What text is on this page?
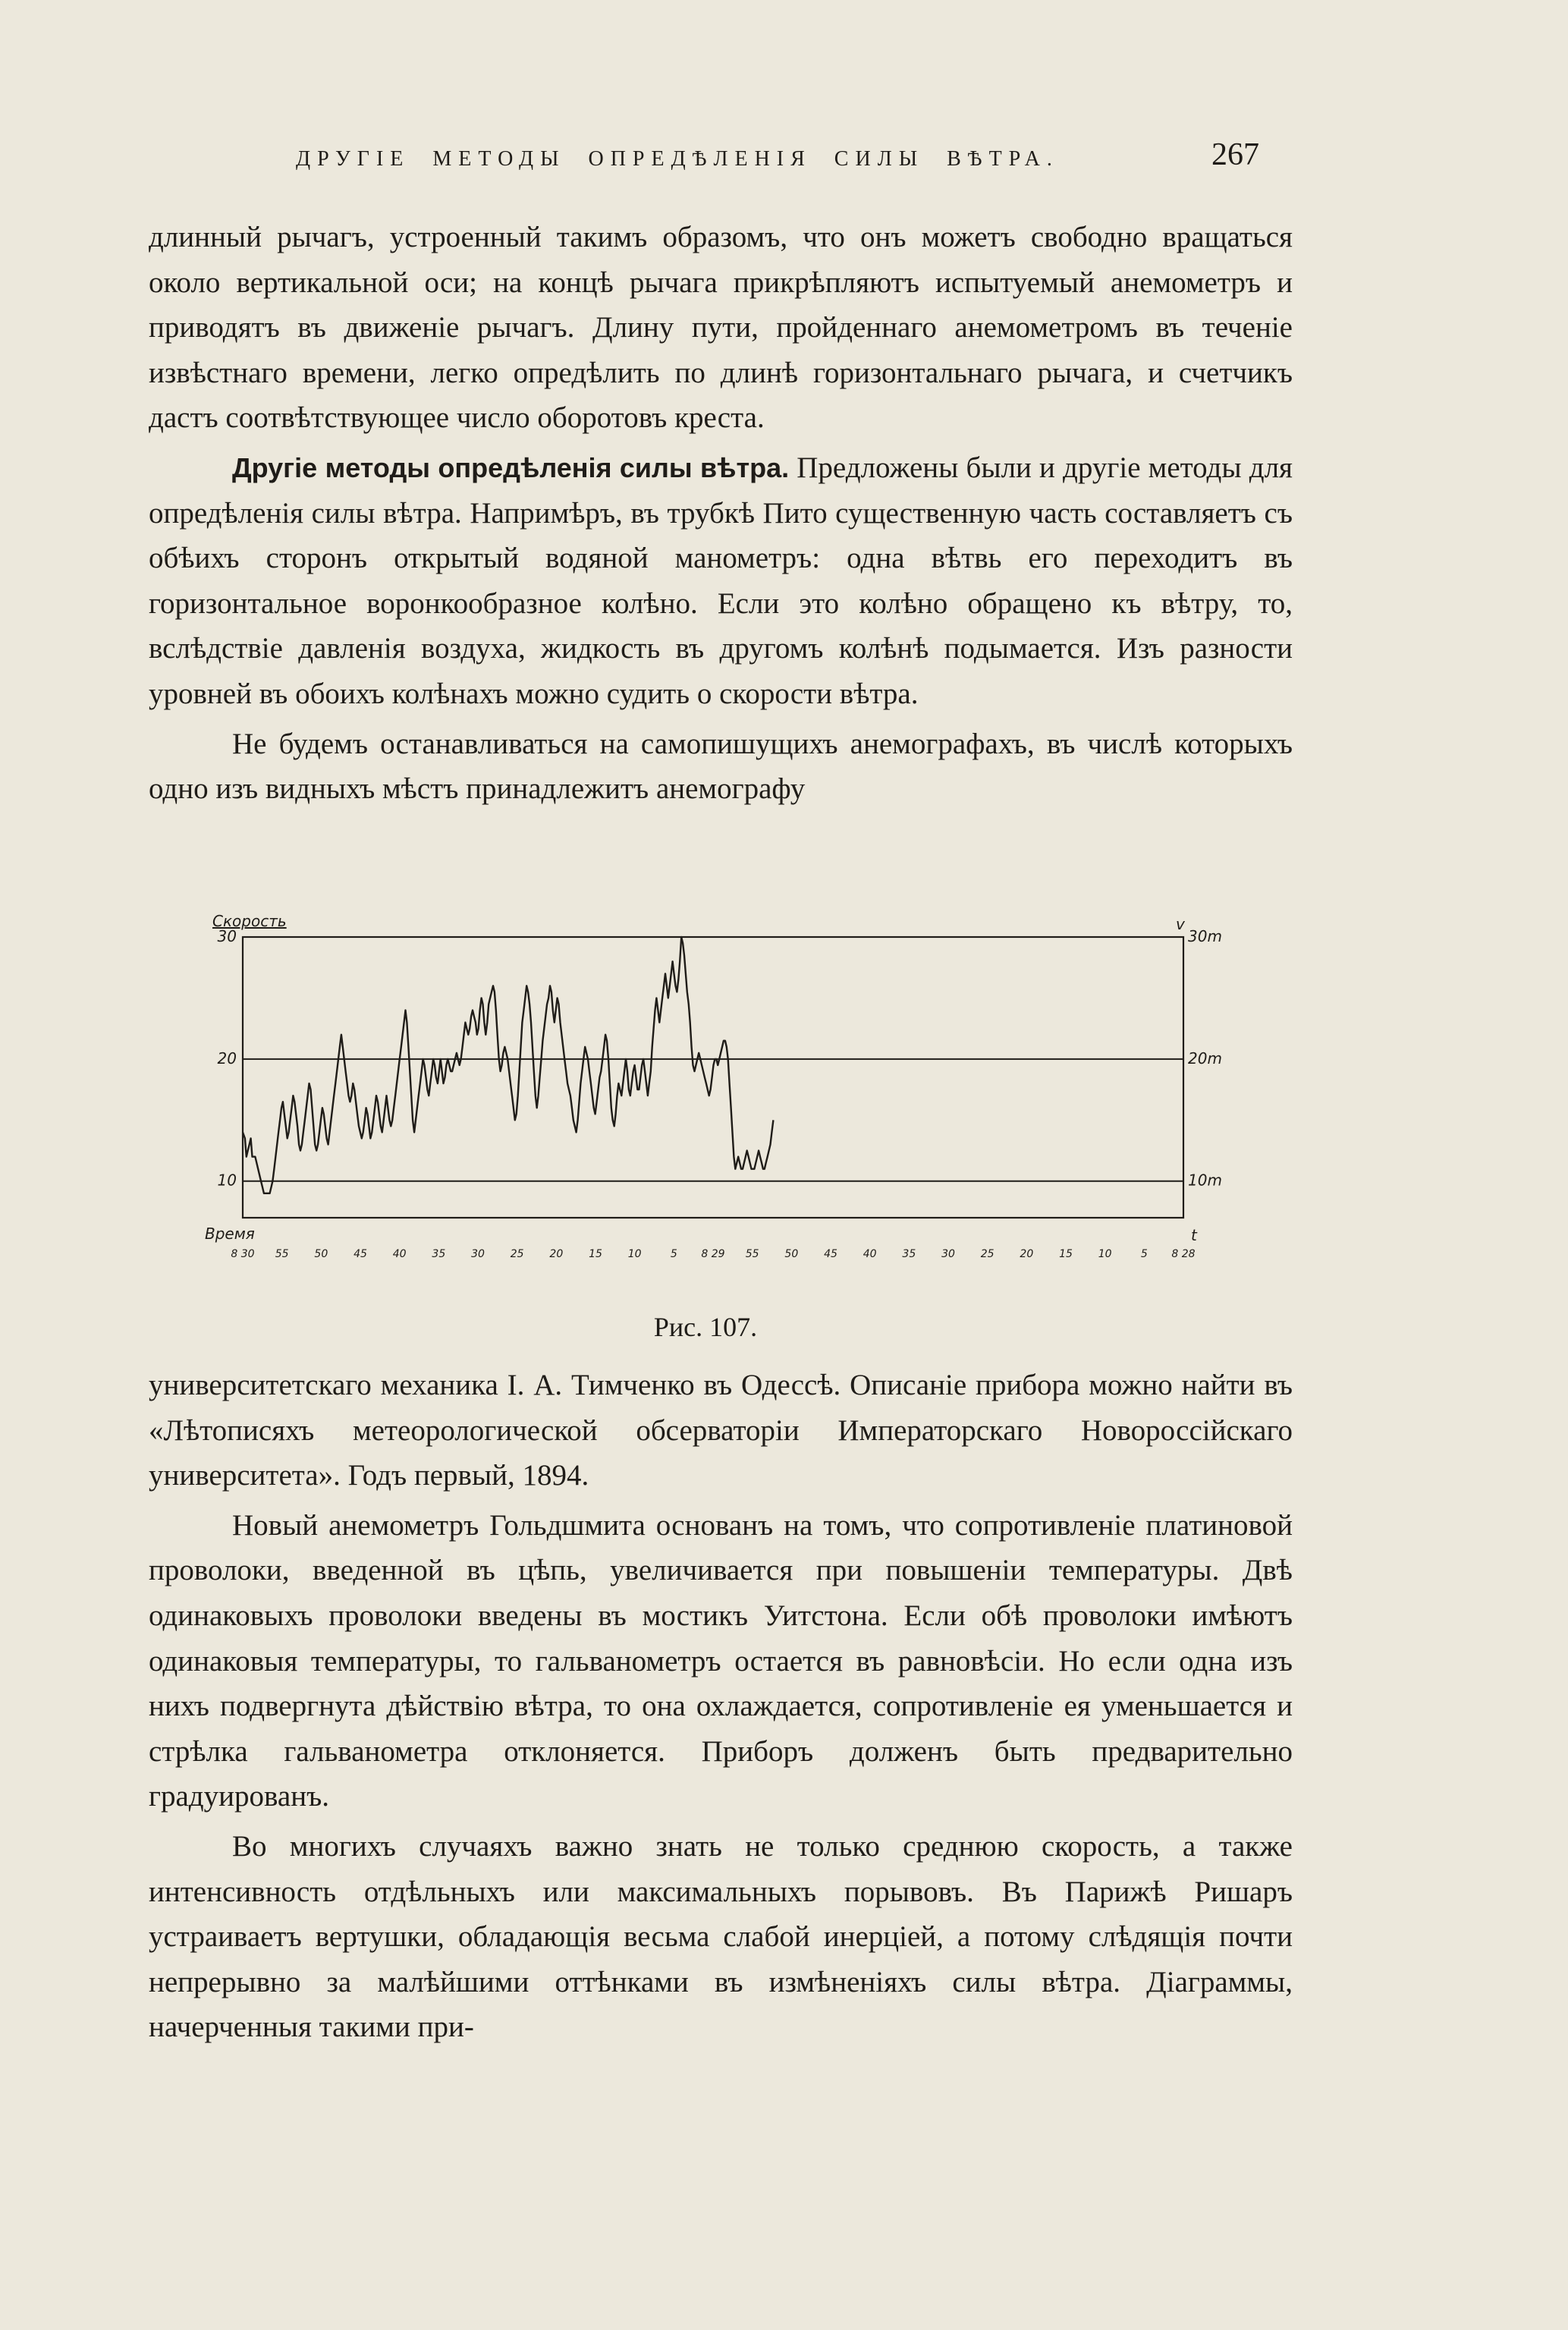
ДРУГІЕ МЕТОДЫ ОПРЕДѢЛЕНІЯ СИЛЫ ВѢТРА.	267

длинный рычагъ, устроенный такимъ образомъ, что онъ можетъ свободно вращаться около вертикальной оси; на концѣ рычага прикрѣпляютъ испытуемый анемометръ и приводятъ въ движеніе рычагъ. Длину пути, пройденнаго анемометромъ въ теченіе извѣстнаго времени, легко опредѣлить по длинѣ горизонтальнаго рычага, и счетчикъ дастъ соотвѣтствующее число оборотовъ креста.

Другіе методы опредѣленія силы вѣтра. Предложены были и другіе методы для опредѣленія силы вѣтра. Напримѣръ, въ трубкѣ Пито существенную часть составляетъ съ обѣихъ сторонъ открытый водяной манометръ: одна вѣтвь его переходитъ въ горизонтальное воронкообразное колѣно. Если это колѣно обращено къ вѣтру, то, вслѣдствіе давленія воздуха, жидкость въ другомъ колѣнѣ подымается. Изъ разности уровней въ обоихъ колѣнахъ можно судить о скорости вѣтра.

Не будемъ останавливаться на самопишущихъ анемографахъ, въ числѣ которыхъ одно изъ видныхъ мѣстъ принадлежитъ анемографу

30
20
10
30m
20m
10m
Скорость	v
Время	t
8 30 55 50 45 40 35 30 25 20 15 10	5 8 29 55 50 45 40 35 30 25 20 15 10	5 8 28
Рис. 107.

университетскаго механика І. А. Тимченко въ Одессѣ. Описаніе прибора можно найти въ «Лѣтописяхъ метеорологической обсерваторіи Императорскаго Новороссійскаго университета». Годъ первый, 1894.

Новый анемометръ Гольдшмита основанъ на томъ, что сопротивленіе платиновой проволоки, введенной въ цѣпь, увеличивается при повышеніи температуры. Двѣ одинаковыхъ проволоки введены въ мостикъ Уитстона. Если обѣ проволоки имѣютъ одинаковыя температуры, то гальванометръ остается въ равновѣсіи. Но если одна изъ нихъ подвергнута дѣйствію вѣтра, то она охлаждается, сопротивленіе ея уменьшается и стрѣлка гальванометра отклоняется. Приборъ долженъ быть предварительно градуированъ.

Во многихъ случаяхъ важно знать не только среднюю скорость, а также интенсивность отдѣльныхъ или максимальныхъ порывовъ. Въ Парижѣ Ришаръ устраиваетъ вертушки, обладающія весьма слабой инерціей, а потому слѣдящія почти непрерывно за малѣйшими оттѣнками въ измѣненіяхъ силы вѣтра. Діаграммы, начерченныя такими при-
